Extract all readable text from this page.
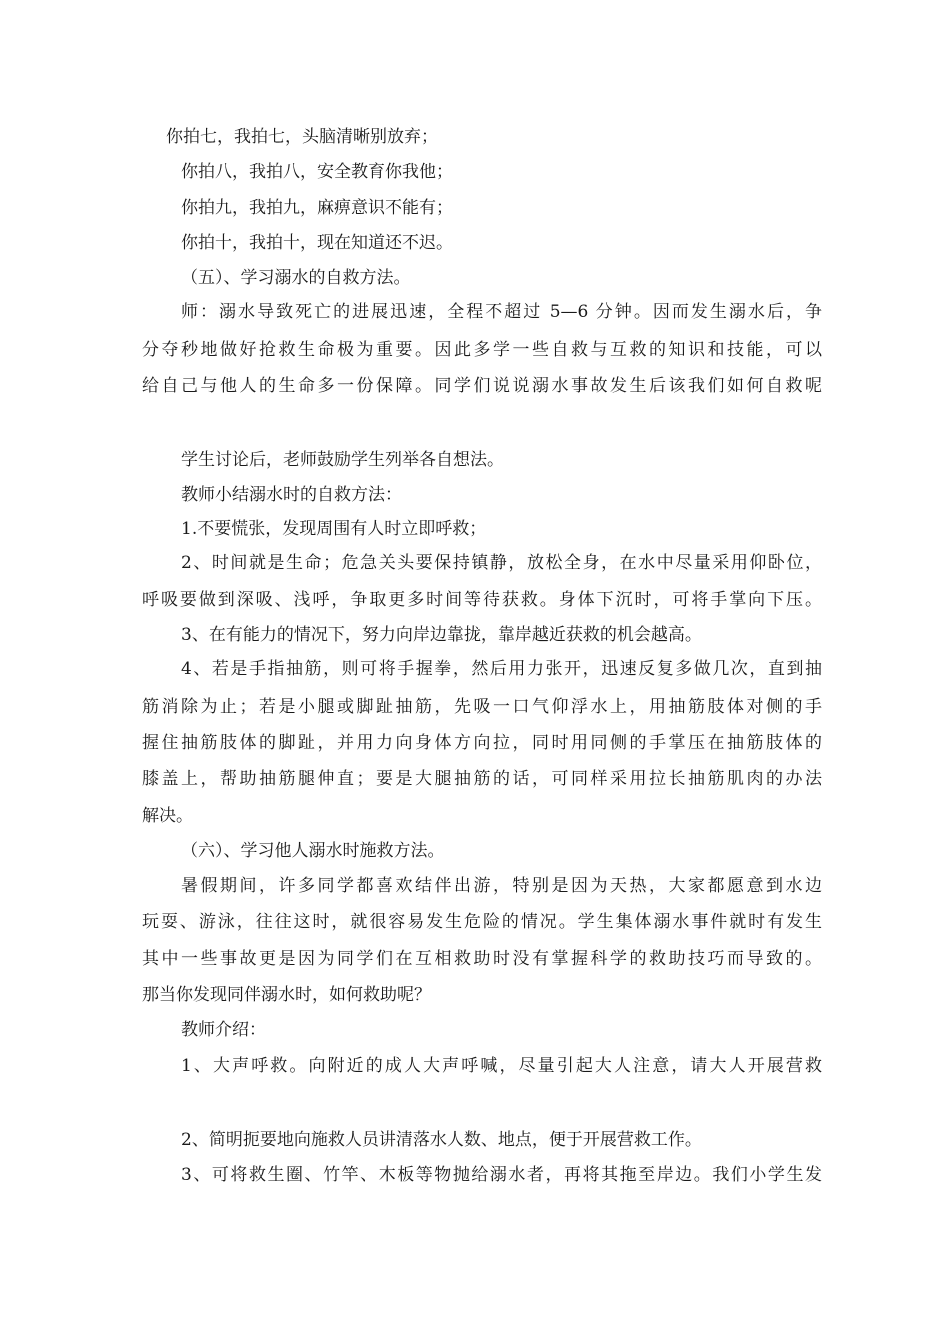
你拍七，我拍七，头脑清晰别放弃；
你拍八，我拍八，安全教育你我他；
你拍九，我拍九，麻痹意识不能有；
你拍十，我拍十，现在知道还不迟。
（五）、学习溺水的自救方法。
师：溺水导致死亡的进展迅速，全程不超过 5—6 分钟。因而发生溺水后，争
分夺秒地做好抢救生命极为重要。因此多学一些自救与互救的知识和技能，可以
给自己与他人的生命多一份保障。同学们说说溺水事故发生后该我们如何自救呢
学生讨论后，老师鼓励学生列举各自想法。
教师小结溺水时的自救方法：
1.不要慌张，发现周围有人时立即呼救；
2、时间就是生命；危急关头要保持镇静，放松全身，在水中尽量采用仰卧位，
呼吸要做到深吸、浅呼，争取更多时间等待获救。身体下沉时，可将手掌向下压。
3、在有能力的情况下，努力向岸边靠拢，靠岸越近获救的机会越高。
4、若是手指抽筋，则可将手握拳，然后用力张开，迅速反复多做几次，直到抽
筋消除为止；若是小腿或脚趾抽筋，先吸一口气仰浮水上，用抽筋肢体对侧的手
握住抽筋肢体的脚趾，并用力向身体方向拉，同时用同侧的手掌压在抽筋肢体的
膝盖上，帮助抽筋腿伸直；要是大腿抽筋的话，可同样采用拉长抽筋肌肉的办法
解决。
（六）、学习他人溺水时施救方法。
暑假期间，许多同学都喜欢结伴出游，特别是因为天热，大家都愿意到水边
玩耍、游泳，往往这时，就很容易发生危险的情况。学生集体溺水事件就时有发生
其中一些事故更是因为同学们在互相救助时没有掌握科学的救助技巧而导致的。
那当你发现同伴溺水时，如何救助呢？
教师介绍：
1、大声呼救。向附近的成人大声呼喊，尽量引起大人注意，请大人开展营救
2、简明扼要地向施救人员讲清落水人数、地点，便于开展营救工作。
3、可将救生圈、竹竿、木板等物抛给溺水者，再将其拖至岸边。我们小学生发
